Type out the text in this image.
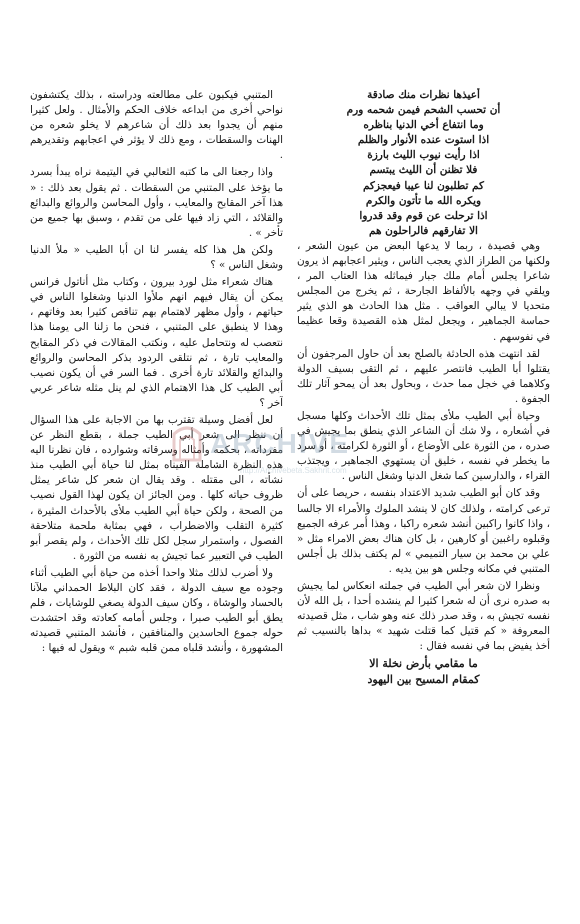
المتنبي فيكبون على مطالعته ودراسته ، بذلك يكتشفون نواحي أخرى من ابداعه خلاف الحكم والأمثال . ولعل كثيرا منهم أن يجدوا بعد ذلك أن شاعرهم لا يخلو شعره من الهنات والسقطات ، ومع ذلك لا يؤثر في اعجابهم وتقديرهم .

واذا رجعنا الى ما كتبه الثعالبي في اليتيمة نراه يبدأ بسرد ما يؤخذ على المتنبي من السقطات . ثم يقول بعد ذلك : « هذا آخر المقابح والمعايب ، وأول المحاسن والروائع والبدائع والقلائد ، التي زاد فيها على من تقدم ، وسبق بها جميع من تأخر » .

ولكن هل هذا كله يفسر لنا ان أبا الطيب « ملأ الدنيا وشغل الناس » ؟

هناك شعراء مثل لورد بيرون ، وكتاب مثل أناتول فرانس يمكن أن يقال فيهم انهم ملأوا الدنيا وشغلوا الناس في حياتهم ، وأول مظهر لاهتمام بهم تناقص كثيرا بعد وفاتهم ، وهذا لا ينطبق على المتنبي ، فنحن ما زلنا الى يومنا هذا نتعصب له ونتحامل عليه ، ونكتب المقالات في ذكر المقابح والمعايب تارة ، ثم نتلقى الردود بذكر المحاسن والروائع والبدائع والقلائد تارة أخرى . فما السر في أن يكون نصيب أبي الطيب كل هذا الاهتمام الذي لم ينل مثله شاعر عربي آخر ؟

لعل أفضل وسيلة تقترب بها من الاجابة على هذا السؤال أن ننظر الى شعر أبي الطيب جملة ، بقطع النظر عن مفرداته ، بحكمه وأمثاله وسرقاته وشوارده ، فان نظرنا اليه هذه النظرة الشاملة الفيناه بمثل لنا حياة أبي الطيب منذ نشأته ، الى مقتله . وقد يقال ان شعر كل شاعر يمثل ظروف حياته كلها . ومن الجائز ان يكون لهذا القول نصيب من الصحة ، ولكن حياة أبي الطيب ملأى بالأحداث المثيرة ، كثيرة التقلب والاضطراب ، فهي بمثابة ملحمة متلاحقة الفصول ، واستمرار سجل لكل تلك الأحداث ، ولم يقصر أبو الطيب في التعبير عما تجيش به نفسه من الثورة .

ولا أضرب لذلك مثلا واحدا أخذه من حياة أبي الطيب أثناء وجوده مع سيف الدولة ، فقد كان البلاط الحمداني ملآنا بالحساد والوشاة ، وكان سيف الدولة يصغي للوشايات ، فلم يطق أبو الطيب صبرا ، وجلس أمامه كعادته وقد احتشدت حوله جموع الحاسدين والمنافقين ، فأنشد المتنبي قصيدته المشهورة ، وأنشد قلباه ممن قلبه شبم » ويقول له فيها :

أعيذها نظرات منك صادقة
أن تحسب الشحم فيمن شحمه ورم
وما انتفاع أخي الدنيا بناظره
اذا استوت عنده الأنوار والظلم
اذا رأيت نيوب الليث بارزة
فلا تظنن أن الليث يبتسم
كم تطلبون لنا عيبا فيعجزكم
ويكره الله ما تأتون والكرم
اذا ترحلت عن قوم وقد قدروا
الا تفارقهم فالراحلون هم

وهي قصيدة ، ربما لا يدعها البعض من عيون الشعر ، ولكنها من الطراز الذي يعجب الناس ، ويثير اعجابهم اذ يرون شاعرا يجلس أمام ملك جبار فيماثله هذا العتاب المر ، ويلقي في وجهه بالألفاظ الجارحة ، ثم يخرج من المجلس متحديا لا يبالي العواقب . مثل هذا الحادث هو الذي يثير حماسة الجماهير ، ويجعل لمثل هذه القصيدة وقعا عظيما في نفوسهم .

لقد انتهت هذه الحادثة بالصلح بعد أن حاول المرجفون أن يقتلوا أبا الطيب فانتصر عليهم ، ثم التقى بسيف الدولة وكلاهما في خجل مما حدث ، وبحاول بعد أن يمحو آثار تلك الجفوة .

وحياة أبي الطيب ملأى بمثل تلك الأحداث وكلها مسجل في أشعاره ، ولا شك أن الشاعر الذي ينطق بما يجيش في صدره ، من الثورة على الأوضاع ، أو الثورة لكرامته ، أو سرد ما يخطر في نفسه ، خليق أن يستهوي الجماهير ، ويجتذب القراء ، والدارسين كما شغل الدنيا وشغل الناس .

وقد كان أبو الطيب شديد الاعتداد بنفسه ، حريصا على أن ترعى كرامته ، ولذلك كان لا ينشد الملوك والأمراء الا جالسا ، واذا كانوا راكبين أنشد شعره راكبا ، وهذا أمر عرفه الجميع وقبلوه راغبين أو كارهين ، بل كان هناك بعض الامراء مثل « علي بن محمد بن سيار التميمي » لم يكتف بذلك بل أجلس المتنبي في مكانه وجلس هو بين يديه .

ونظرا لان شعر أبي الطيب في جملته انعكاس لما يجيش به صدره نرى أن له شعرا كثيرا لم ينشده أحدا ، بل الله لأن نفسه تجيش به ، وقد صدر ذلك عنه وهو شاب ، مثل قصيدته المعروفة « كم قتيل كما قتلت شهيد » بداها بالنسيب ثم أخذ يفيض بما في نفسه فقال :

ما مقامي بأرض نخلة الا
كمقام المسيح بين اليهود
ARCHIVE
http://Archivebeta.Sakhrit.com
